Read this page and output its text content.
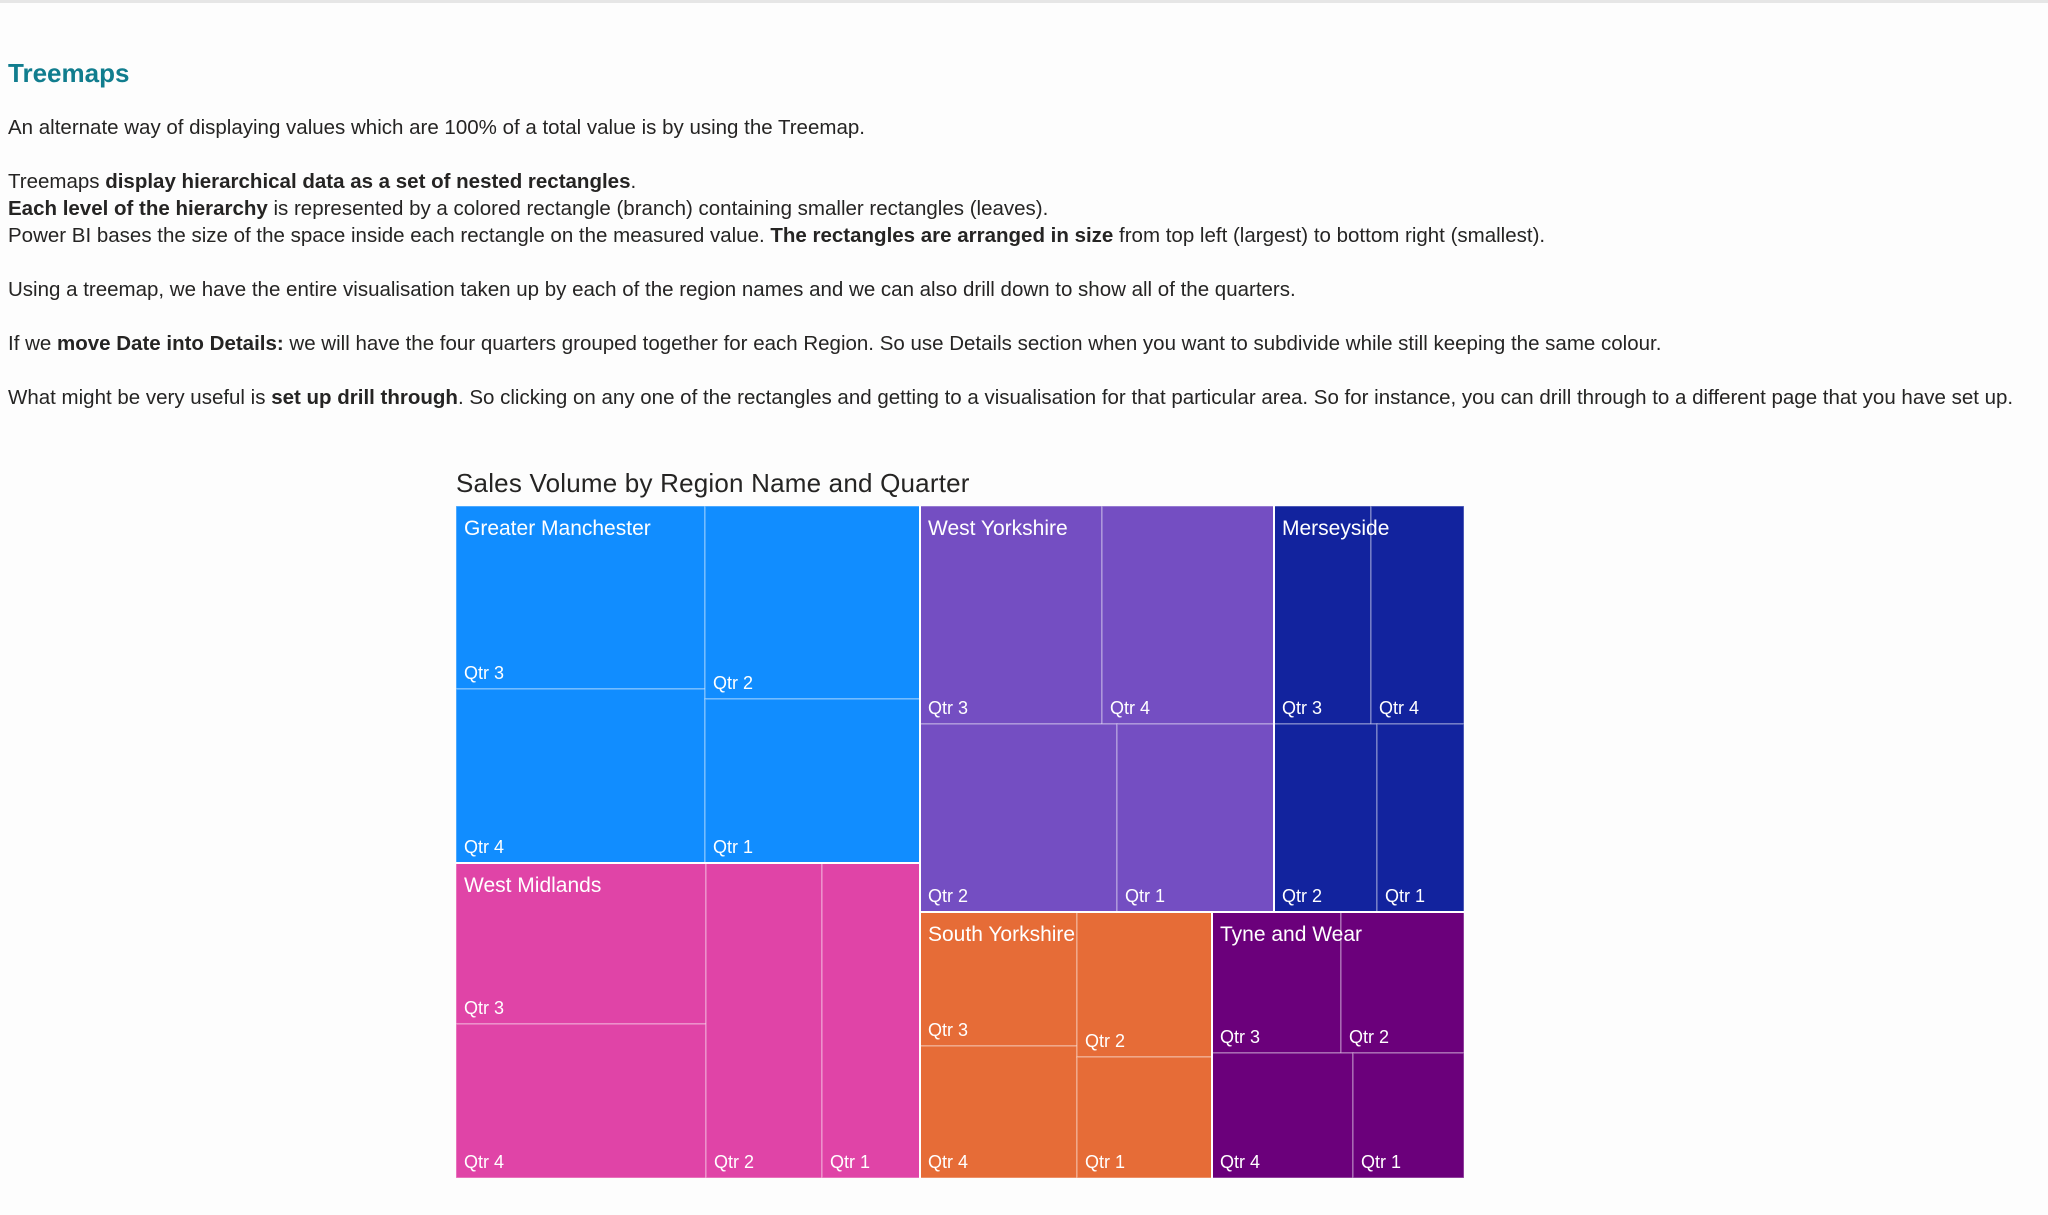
Treemaps

An alternate way of displaying values which are 100% of a total value is by using the Treemap.

Treemaps display hierarchical data as a set of nested rectangles.
Each level of the hierarchy is represented by a colored rectangle (branch) containing smaller rectangles (leaves).
Power BI bases the size of the space inside each rectangle on the measured value. The rectangles are arranged in size from top left (largest) to bottom right (smallest).

Using a treemap, we have the entire visualisation taken up by each of the region names and we can also drill down to show all of the quarters.

If we move Date into Details: we will have the four quarters grouped together for each Region. So use Details section when you want to subdivide while still keeping the same colour.

What might be very useful is set up drill through. So clicking on any one of the rectangles and getting to a visualisation for that particular area. So for instance, you can drill through to a different page that you have set up.

Sales Volume by Region Name and Quarter
Qtr 3
Qtr 4
Qtr 2
Qtr 1
Greater Manchester
Qtr 3	Qtr 4
Qtr 2	Qtr 1
West Yorkshire
Qtr 3
Qtr 4	Qtr 2	Qtr 1
West Midlands
Qtr 3	Qtr 4
Qtr 2	Qtr 1
Merseyside
Qtr 3
Qtr 4
Qtr 2
Qtr 1
South Yorkshire
Qtr 3	Qtr 2
Qtr 4	Qtr 1
Tyne and Wear
